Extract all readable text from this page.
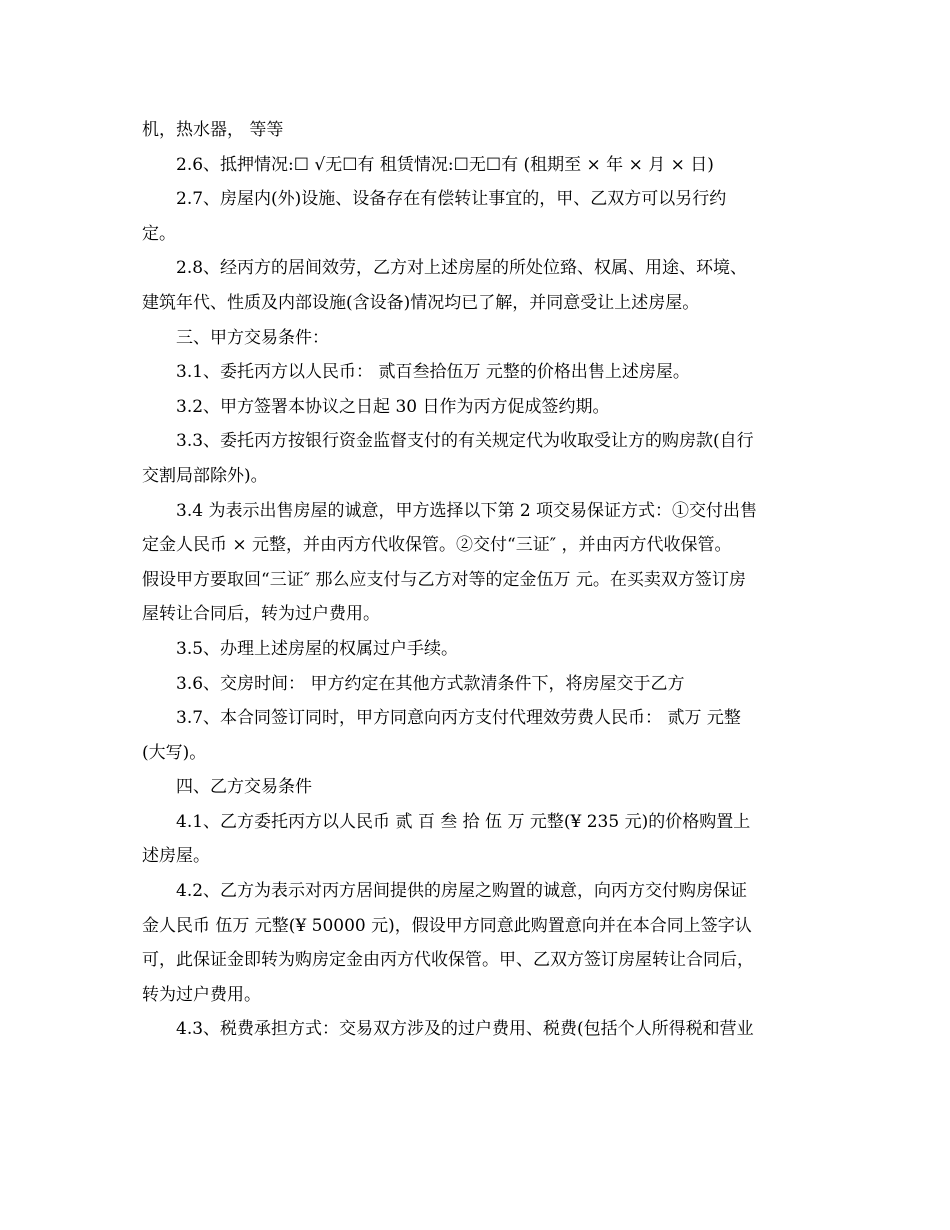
机，热水器， 等等
2.6、抵押情况:☐ √无☐有 租赁情况:☐无☐有 (租期至 × 年 × 月 × 日)
2.7、房屋内(外)设施、设备存在有偿转让事宜的，甲、乙双方可以另行约
定。
2.8、经丙方的居间效劳，乙方对上述房屋的所处位臵、权属、用途、环境、
建筑年代、性质及内部设施(含设备)情况均已了解，并同意受让上述房屋。
三、甲方交易条件：
3.1、委托丙方以人民币： 贰百叁拾伍万 元整的价格出售上述房屋。
3.2、甲方签署本协议之日起 30 日作为丙方促成签约期。
3.3、委托丙方按银行资金监督支付的有关规定代为收取受让方的购房款(自行
交割局部除外)。
3.4 为表示出售房屋的诚意，甲方选择以下第 2 项交易保证方式：①交付出售
定金人民币 × 元整，并由丙方代收保管。②交付“三证″ ，并由丙方代收保管。
假设甲方要取回“三证″ 那么应支付与乙方对等的定金伍万 元。在买卖双方签订房
屋转让合同后，转为过户费用。
3.5、办理上述房屋的权属过户手续。
3.6、交房时间： 甲方约定在其他方式款清条件下，将房屋交于乙方
3.7、本合同签订同时，甲方同意向丙方支付代理效劳费人民币： 贰万 元整
(大写)。
四、乙方交易条件
4.1、乙方委托丙方以人民币 贰 百 叁 拾 伍 万 元整(¥ 235 元)的价格购置上
述房屋。
4.2、乙方为表示对丙方居间提供的房屋之购置的诚意，向丙方交付购房保证
金人民币 伍万 元整(¥ 50000 元)，假设甲方同意此购置意向并在本合同上签字认
可，此保证金即转为购房定金由丙方代收保管。甲、乙双方签订房屋转让合同后，
转为过户费用。
4.3、税费承担方式：交易双方涉及的过户费用、税费(包括个人所得税和营业
